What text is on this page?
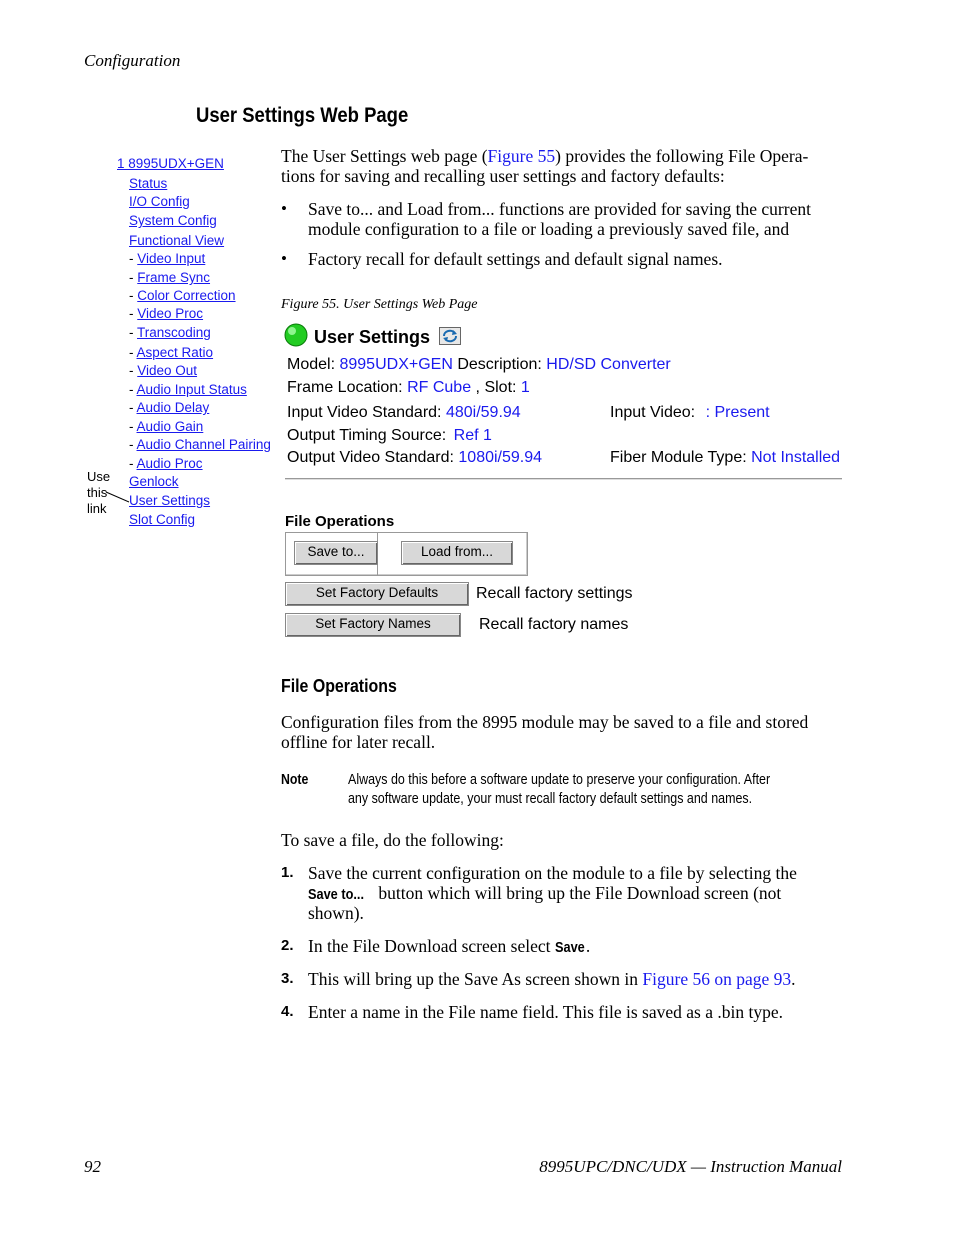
Configuration
User Settings Web Page
The User Settings web page (Figure 55) provides the following File Opera-
tions for saving and recalling user settings and factory defaults:
• Save to... and Load from... functions are provided for saving the current
module configuration to a file or loading a previously saved file, and
• Factory recall for default settings and default signal names.
Figure 55. User Settings Web Page
1 8995UDX+GEN
Status
I/O Config
System Config
Functional View
- Video Input
- Frame Sync
- Color Correction
- Video Proc
- Transcoding
- Aspect Ratio
- Video Out
- Audio Input Status
- Audio Delay
- Audio Gain
- Audio Channel Pairing
- Audio Proc
Genlock
User Settings
Slot Config
Use
this
link
User Settings
Model: 8995UDX+GEN Description: HD/SD Converter
Frame Location: RF Cube , Slot: 1
Input Video Standard: 480i/59.94	Input Video: : Present
Output Timing Source: Ref 1
Output Video Standard: 1080i/59.94	Fiber Module Type: Not Installed
File Operations
Save to...	Load from...
Set Factory Defaults	Recall factory settings
Set Factory Names	Recall factory names
File Operations
Configuration files from the 8995 module may be saved to a file and stored
offline for later recall.
Note	Always do this before a software update to preserve your configuration. After
any software update, your must recall factory default settings and names.
To save a file, do the following:
1. Save the current configuration on the module to a file by selecting the
Save to... button which will bring up the File Download screen (not
shown).
2. In the File Download screen select Save.
3. This will bring up the Save As screen shown in Figure 56 on page 93.
4. Enter a name in the File name field. This file is saved as a .bin type.
92	8995UPC/DNC/UDX — Instruction Manual
